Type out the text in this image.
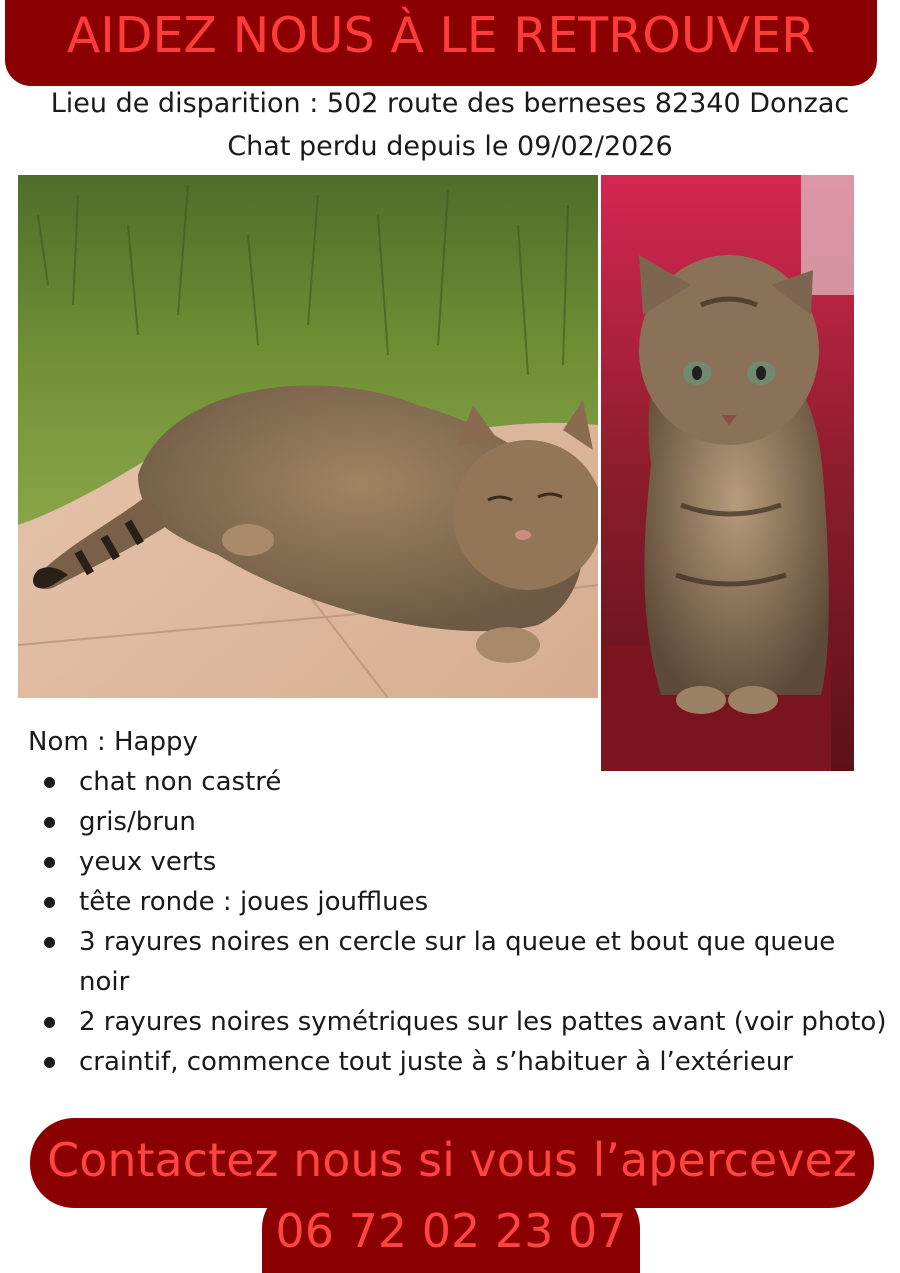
AIDEZ NOUS À LE RETROUVER
Lieu de disparition : 502 route des berneses 82340 Donzac
Chat perdu depuis le 09/02/2026

Nom : Happy

chat non castré
gris/brun
yeux verts
tête ronde : joues joufflues
3 rayures noires en cercle sur la queue et bout que queue noir
2 rayures noires symétriques sur les pattes avant (voir photo)
craintif, commence tout juste à s’habituer à l’extérieur
Contactez nous si vous l’apercevez
06 72 02 23 07
